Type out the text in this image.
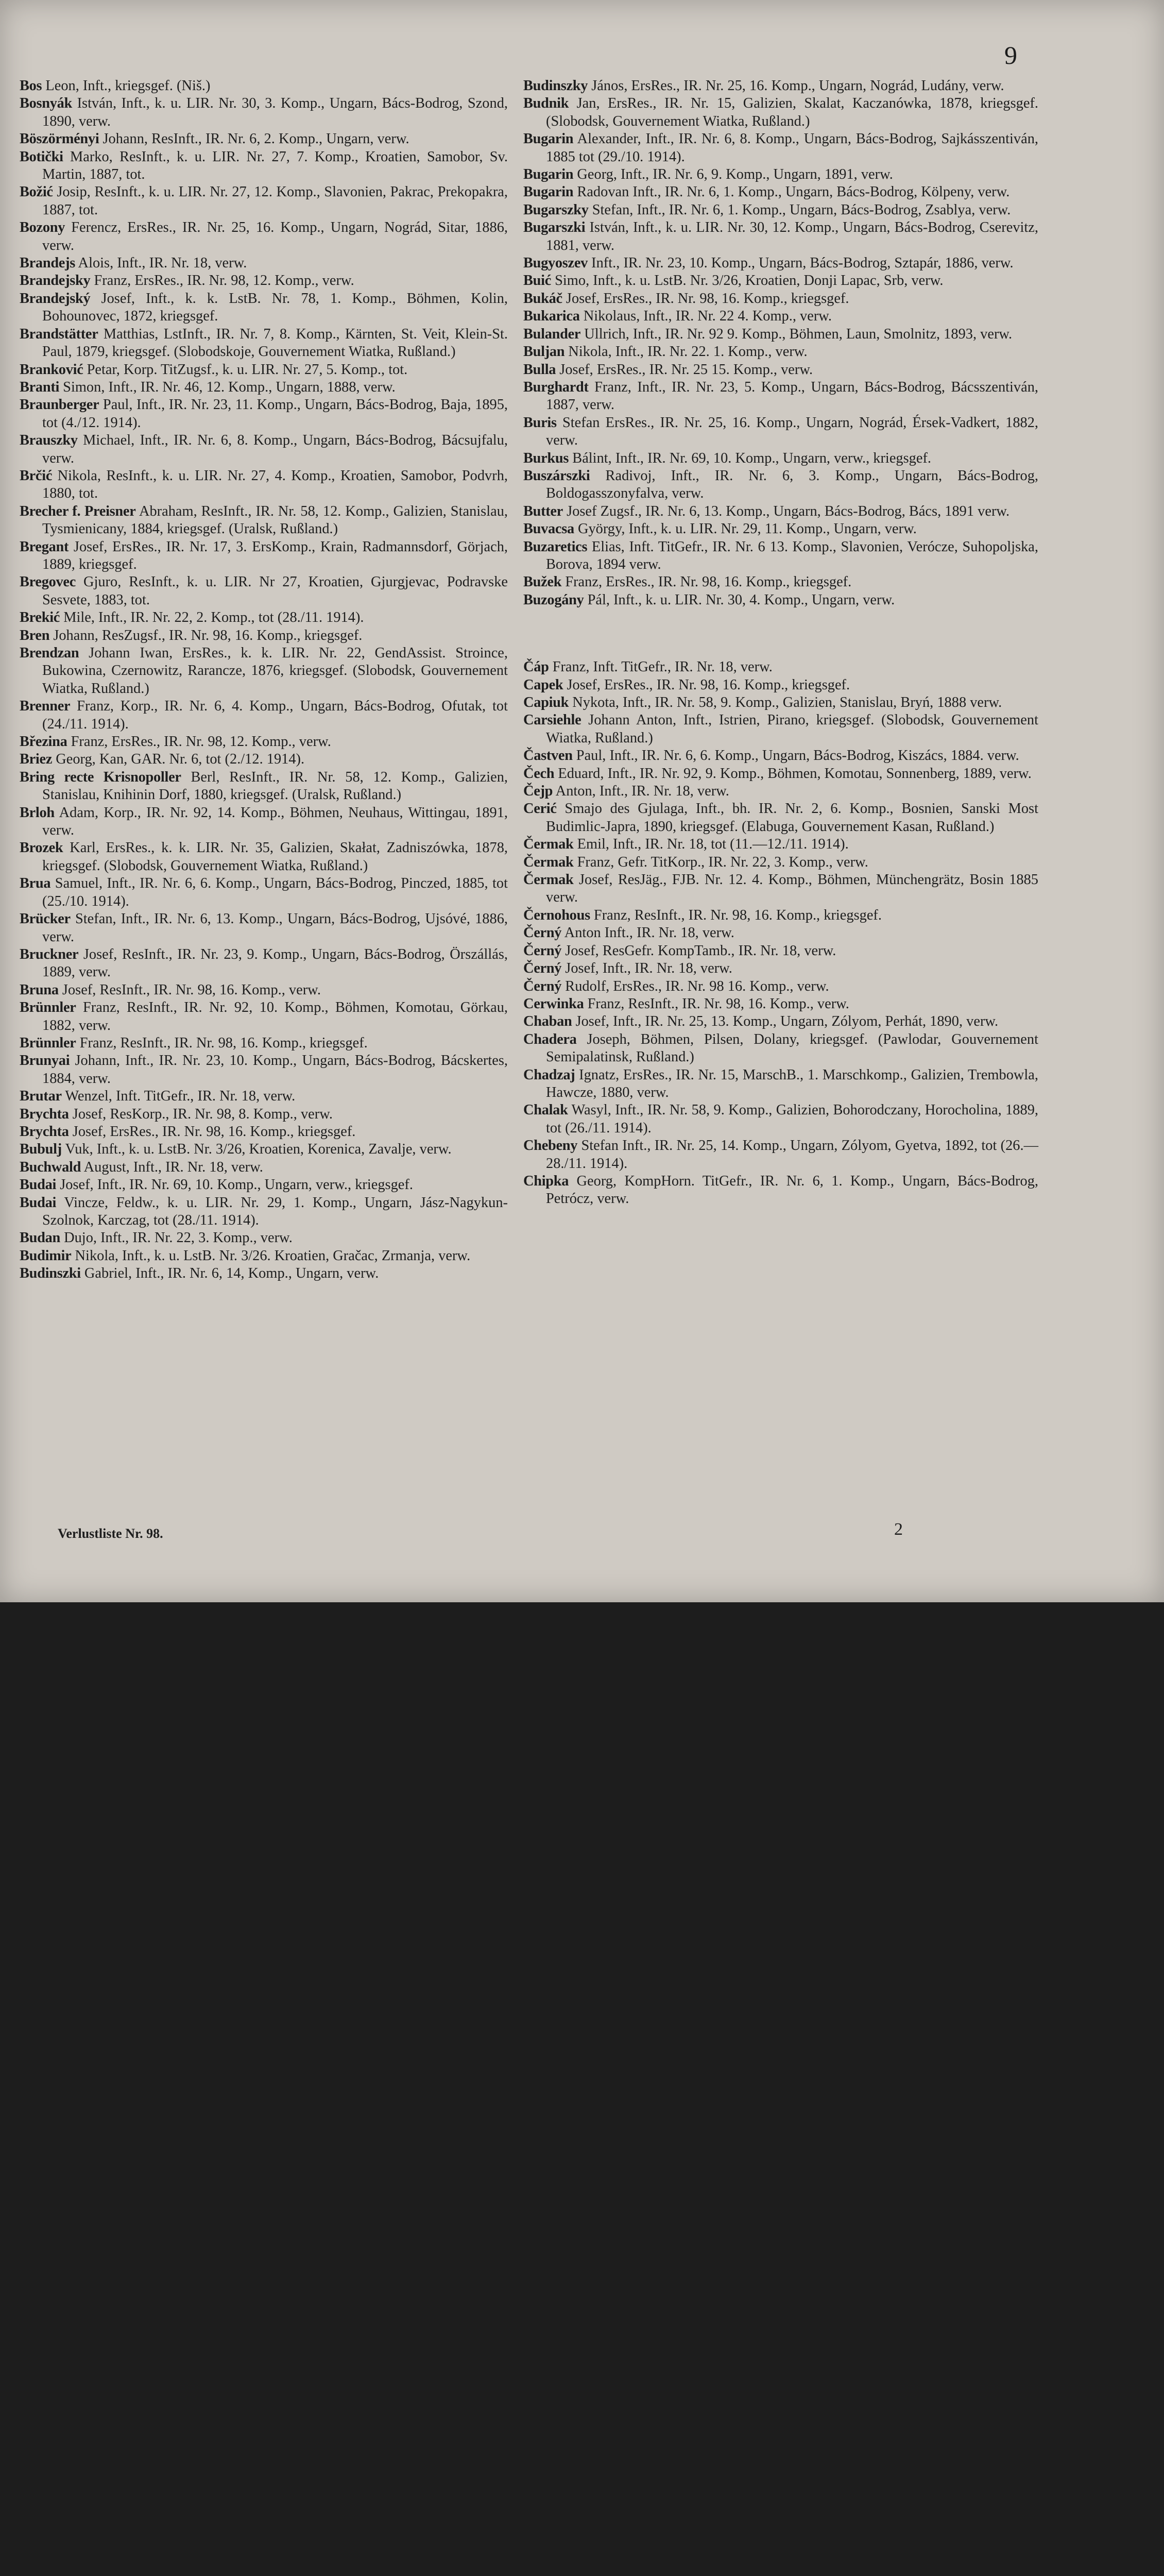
9

Bos Leon, Inft., kriegsgef. (Niš.)

Bosnyák István, Inft., k. u. LIR. Nr. 30, 3. Komp., Ungarn, Bács-Bodrog, Szond, 1890, verw.

Böszörményi Johann, ResInft., IR. Nr. 6, 2. Komp., Ungarn, verw.

Botički Marko, ResInft., k. u. LIR. Nr. 27, 7. Komp., Kroatien, Samobor, Sv. Martin, 1887, tot.

Božić Josip, ResInft., k. u. LIR. Nr. 27, 12. Komp., Slavonien, Pakrac, Prekopakra, 1887, tot.

Bozony Ferencz, ErsRes., IR. Nr. 25, 16. Komp., Ungarn, Nográd, Sitar, 1886, verw.

Brandejs Alois, Inft., IR. Nr. 18, verw.

Brandejsky Franz, ErsRes., IR. Nr. 98, 12. Komp., verw.

Brandejský Josef, Inft., k. k. LstB. Nr. 78, 1. Komp., Böhmen, Kolin, Bohounovec, 1872, kriegsgef.

Brandstätter Matthias, LstInft., IR. Nr. 7, 8. Komp., Kärnten, St. Veit, Klein-St. Paul, 1879, kriegsgef. (Slobodskoje, Gouvernement Wiatka, Rußland.)

Branković Petar, Korp. TitZugsf., k. u. LIR. Nr. 27, 5. Komp., tot.

Branti Simon, Inft., IR. Nr. 46, 12. Komp., Ungarn, 1888, verw.

Braunberger Paul, Inft., IR. Nr. 23, 11. Komp., Ungarn, Bács-Bodrog, Baja, 1895, tot (4./12. 1914).

Brauszky Michael, Inft., IR. Nr. 6, 8. Komp., Ungarn, Bács-Bodrog, Bácsujfalu, verw.

Brčić Nikola, ResInft., k. u. LIR. Nr. 27, 4. Komp., Kroatien, Samobor, Podvrh, 1880, tot.

Brecher f. Preisner Abraham, ResInft., IR. Nr. 58, 12. Komp., Galizien, Stanislau, Tysmienicany, 1884, kriegsgef. (Uralsk, Rußland.)

Bregant Josef, ErsRes., IR. Nr. 17, 3. ErsKomp., Krain, Radmannsdorf, Görjach, 1889, kriegsgef.

Bregovec Gjuro, ResInft., k. u. LIR. Nr 27, Kroatien, Gjurgjevac, Podravske Sesvete, 1883, tot.

Brekić Mile, Inft., IR. Nr. 22, 2. Komp., tot (28./11. 1914).

Bren Johann, ResZugsf., IR. Nr. 98, 16. Komp., kriegsgef.

Brendzan Johann Iwan, ErsRes., k. k. LIR. Nr. 22, GendAssist. Stroince, Bukowina, Czernowitz, Rarancze, 1876, kriegsgef. (Slobodsk, Gouvernement Wiatka, Rußland.)

Brenner Franz, Korp., IR. Nr. 6, 4. Komp., Ungarn, Bács-Bodrog, Ofutak, tot (24./11. 1914).

Březina Franz, ErsRes., IR. Nr. 98, 12. Komp., verw.

Briez Georg, Kan, GAR. Nr. 6, tot (2./12. 1914).

Bring recte Krisnopoller Berl, ResInft., IR. Nr. 58, 12. Komp., Galizien, Stanislau, Knihinin Dorf, 1880, kriegsgef. (Uralsk, Rußland.)

Brloh Adam, Korp., IR. Nr. 92, 14. Komp., Böhmen, Neuhaus, Wittingau, 1891, verw.

Brozek Karl, ErsRes., k. k. LIR. Nr. 35, Galizien, Skałat, Zadniszówka, 1878, kriegsgef. (Slobodsk, Gouvernement Wiatka, Rußland.)

Brua Samuel, Inft., IR. Nr. 6, 6. Komp., Ungarn, Bács-Bodrog, Pinczed, 1885, tot (25./10. 1914).

Brücker Stefan, Inft., IR. Nr. 6, 13. Komp., Ungarn, Bács-Bodrog, Ujsóvé, 1886, verw.

Bruckner Josef, ResInft., IR. Nr. 23, 9. Komp., Ungarn, Bács-Bodrog, Örszállás, 1889, verw.

Bruna Josef, ResInft., IR. Nr. 98, 16. Komp., verw.

Brünnler Franz, ResInft., IR. Nr. 92, 10. Komp., Böhmen, Komotau, Görkau, 1882, verw.

Brünnler Franz, ResInft., IR. Nr. 98, 16. Komp., kriegsgef.

Brunyai Johann, Inft., IR. Nr. 23, 10. Komp., Ungarn, Bács-Bodrog, Bácskertes, 1884, verw.

Brutar Wenzel, Inft. TitGefr., IR. Nr. 18, verw.

Brychta Josef, ResKorp., IR. Nr. 98, 8. Komp., verw.

Brychta Josef, ErsRes., IR. Nr. 98, 16. Komp., kriegsgef.

Bubulj Vuk, Inft., k. u. LstB. Nr. 3/26, Kroatien, Korenica, Zavalje, verw.

Buchwald August, Inft., IR. Nr. 18, verw.

Budai Josef, Inft., IR. Nr. 69, 10. Komp., Ungarn, verw., kriegsgef.

Budai Vincze, Feldw., k. u. LIR. Nr. 29, 1. Komp., Ungarn, Jász-Nagykun-Szolnok, Karczag, tot (28./11. 1914).

Budan Dujo, Inft., IR. Nr. 22, 3. Komp., verw.

Budimir Nikola, Inft., k. u. LstB. Nr. 3/26. Kroatien, Gračac, Zrmanja, verw.

Budinszki Gabriel, Inft., IR. Nr. 6, 14, Komp., Ungarn, verw.

Budinszky János, ErsRes., IR. Nr. 25, 16. Komp., Ungarn, Nográd, Ludány, verw.

Budnik Jan, ErsRes., IR. Nr. 15, Galizien, Skalat, Kaczanówka, 1878, kriegsgef. (Slobodsk, Gouvernement Wiatka, Rußland.)

Bugarin Alexander, Inft., IR. Nr. 6, 8. Komp., Ungarn, Bács-Bodrog, Sajkásszentiván, 1885 tot (29./10. 1914).

Bugarin Georg, Inft., IR. Nr. 6, 9. Komp., Ungarn, 1891, verw.

Bugarin Radovan Inft., IR. Nr. 6, 1. Komp., Ungarn, Bács-Bodrog, Kölpeny, verw.

Bugarszky Stefan, Inft., IR. Nr. 6, 1. Komp., Ungarn, Bács-Bodrog, Zsablya, verw.

Bugarszki István, Inft., k. u. LIR. Nr. 30, 12. Komp., Ungarn, Bács-Bodrog, Cserevitz, 1881, verw.

Bugyoszev Inft., IR. Nr. 23, 10. Komp., Ungarn, Bács-Bodrog, Sztapár, 1886, verw.

Buić Simo, Inft., k. u. LstB. Nr. 3/26, Kroatien, Donji Lapac, Srb, verw.

Bukáč Josef, ErsRes., IR. Nr. 98, 16. Komp., kriegsgef.

Bukarica Nikolaus, Inft., IR. Nr. 22 4. Komp., verw.

Bulander Ullrich, Inft., IR. Nr. 92 9. Komp., Böhmen, Laun, Smolnitz, 1893, verw.

Buljan Nikola, Inft., IR. Nr. 22. 1. Komp., verw.

Bulla Josef, ErsRes., IR. Nr. 25 15. Komp., verw.

Burghardt Franz, Inft., IR. Nr. 23, 5. Komp., Ungarn, Bács-Bodrog, Bácsszentiván, 1887, verw.

Buris Stefan ErsRes., IR. Nr. 25, 16. Komp., Ungarn, Nográd, Érsek-Vadkert, 1882, verw.

Burkus Bálint, Inft., IR. Nr. 69, 10. Komp., Ungarn, verw., kriegsgef.

Buszárszki Radivoj, Inft., IR. Nr. 6, 3. Komp., Ungarn, Bács-Bodrog, Boldogasszonyfalva, verw.

Butter Josef Zugsf., IR. Nr. 6, 13. Komp., Ungarn, Bács-Bodrog, Bács, 1891 verw.

Buvacsa György, Inft., k. u. LIR. Nr. 29, 11. Komp., Ungarn, verw.

Buzaretics Elias, Inft. TitGefr., IR. Nr. 6 13. Komp., Slavonien, Verócze, Suhopoljska, Borova, 1894 verw.

Bužek Franz, ErsRes., IR. Nr. 98, 16. Komp., kriegsgef.

Buzogány Pál, Inft., k. u. LIR. Nr. 30, 4. Komp., Ungarn, verw.

Čáp Franz, Inft. TitGefr., IR. Nr. 18, verw.

Capek Josef, ErsRes., IR. Nr. 98, 16. Komp., kriegsgef.

Capiuk Nykota, Inft., IR. Nr. 58, 9. Komp., Galizien, Stanislau, Bryń, 1888 verw.

Carsiehle Johann Anton, Inft., Istrien, Pirano, kriegsgef. (Slobodsk, Gouvernement Wiatka, Rußland.)

Častven Paul, Inft., IR. Nr. 6, 6. Komp., Ungarn, Bács-Bodrog, Kiszács, 1884. verw.

Čech Eduard, Inft., IR. Nr. 92, 9. Komp., Böhmen, Komotau, Sonnenberg, 1889, verw.

Čejp Anton, Inft., IR. Nr. 18, verw.

Cerić Smajo des Gjulaga, Inft., bh. IR. Nr. 2, 6. Komp., Bosnien, Sanski Most Budimlic-Japra, 1890, kriegsgef. (Elabuga, Gouvernement Kasan, Rußland.)

Čermak Emil, Inft., IR. Nr. 18, tot (11.—12./11. 1914).

Čermak Franz, Gefr. TitKorp., IR. Nr. 22, 3. Komp., verw.

Čermak Josef, ResJäg., FJB. Nr. 12. 4. Komp., Böhmen, Münchengrätz, Bosin 1885 verw.

Černohous Franz, ResInft., IR. Nr. 98, 16. Komp., kriegsgef.

Černý Anton Inft., IR. Nr. 18, verw.

Černý Josef, ResGefr. KompTamb., IR. Nr. 18, verw.

Černý Josef, Inft., IR. Nr. 18, verw.

Černý Rudolf, ErsRes., IR. Nr. 98 16. Komp., verw.

Cerwinka Franz, ResInft., IR. Nr. 98, 16. Komp., verw.

Chaban Josef, Inft., IR. Nr. 25, 13. Komp., Ungarn, Zólyom, Perhát, 1890, verw.

Chadera Joseph, Böhmen, Pilsen, Dolany, kriegsgef. (Pawlodar, Gouvernement Semipalatinsk, Rußland.)

Chadzaj Ignatz, ErsRes., IR. Nr. 15, MarschB., 1. Marschkomp., Galizien, Trembowla, Hawcze, 1880, verw.

Chalak Wasyl, Inft., IR. Nr. 58, 9. Komp., Galizien, Bohorodczany, Horocholina, 1889, tot (26./11. 1914).

Chebeny Stefan Inft., IR. Nr. 25, 14. Komp., Ungarn, Zólyom, Gyetva, 1892, tot (26.—28./11. 1914).

Chipka Georg, KompHorn. TitGefr., IR. Nr. 6, 1. Komp., Ungarn, Bács-Bodrog, Petrócz, verw.

Verlustliste Nr. 98.	2
